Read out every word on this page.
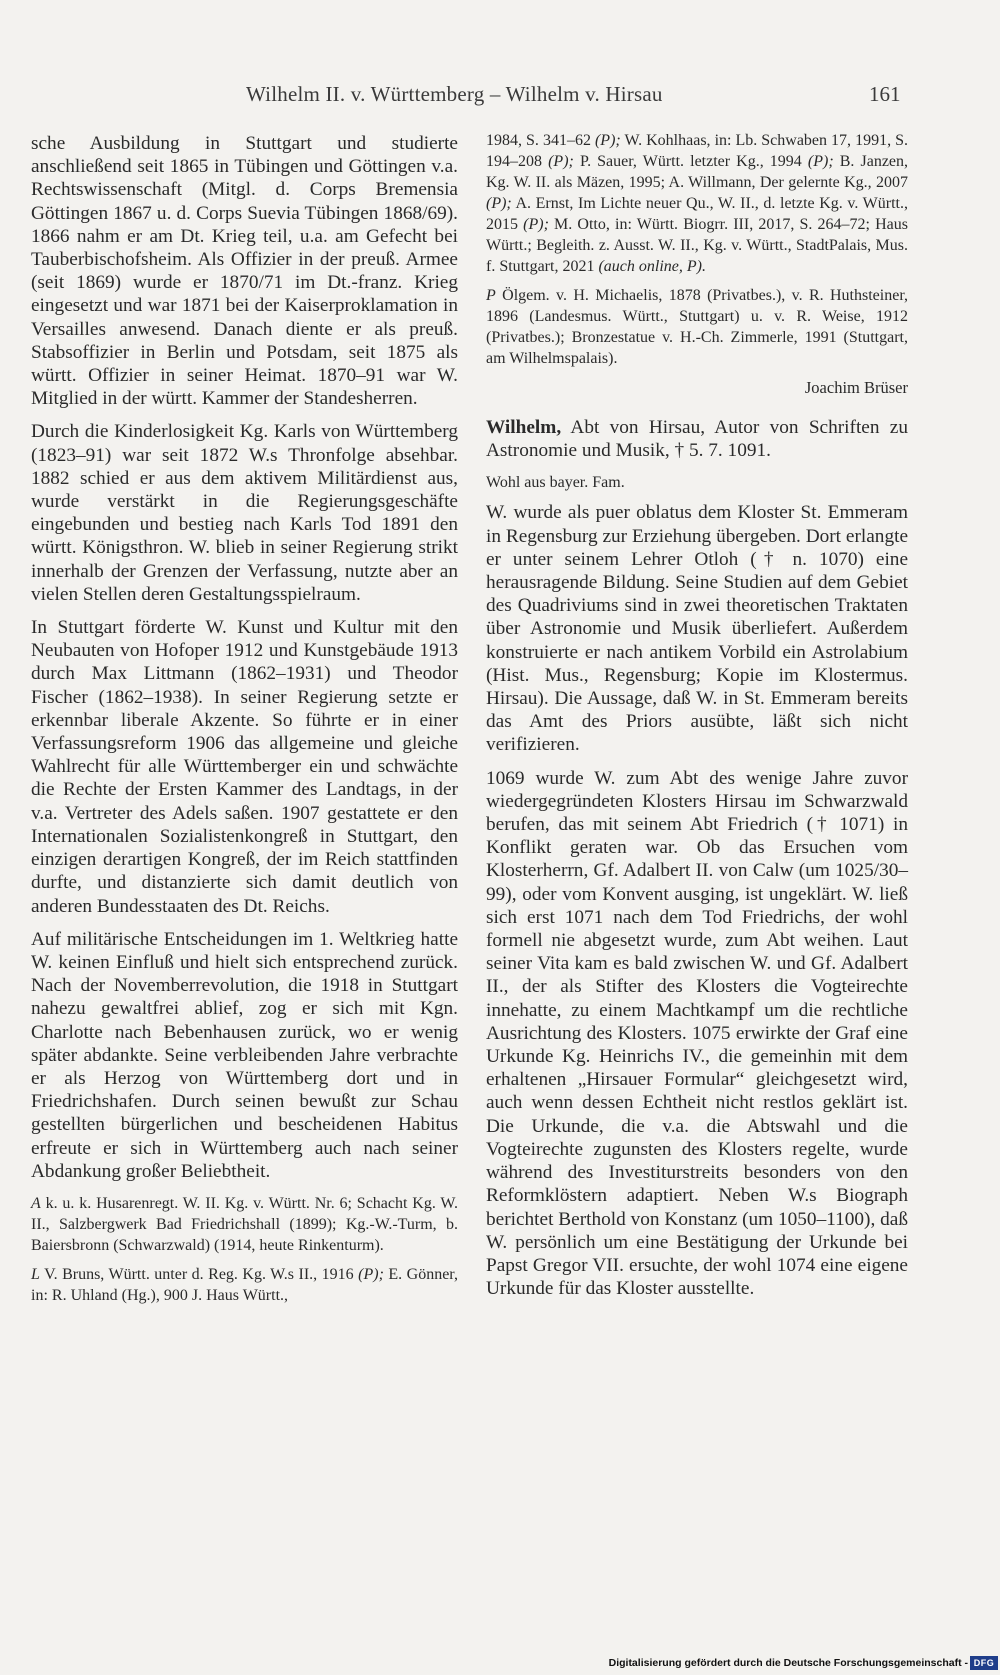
Wilhelm II. v. Württemberg – Wilhelm v. Hirsau	161

sche Ausbildung in Stuttgart und studierte anschließend seit 1865 in Tübingen und Göttingen v.a. Rechtswissenschaft (Mitgl. d. Corps Bremensia Göttingen 1867 u. d. Corps Suevia Tübingen 1868/69). 1866 nahm er am Dt. Krieg teil, u.a. am Gefecht bei Tauberbischofsheim. Als Offizier in der preuß. Armee (seit 1869) wurde er 1870/71 im Dt.-franz. Krieg eingesetzt und war 1871 bei der Kaiserproklamation in Versailles anwesend. Danach diente er als preuß. Stabsoffizier in Berlin und Potsdam, seit 1875 als württ. Offizier in seiner Heimat. 1870–91 war W. Mitglied in der württ. Kammer der Standesherren.

Durch die Kinderlosigkeit Kg. Karls von Württemberg (1823–91) war seit 1872 W.s Thronfolge absehbar. 1882 schied er aus dem aktivem Militärdienst aus, wurde verstärkt in die Regierungsgeschäfte eingebunden und bestieg nach Karls Tod 1891 den württ. Königsthron. W. blieb in seiner Regierung strikt innerhalb der Grenzen der Verfassung, nutzte aber an vielen Stellen deren Gestaltungsspielraum.

In Stuttgart förderte W. Kunst und Kultur mit den Neubauten von Hofoper 1912 und Kunstgebäude 1913 durch Max Littmann (1862–1931) und Theodor Fischer (1862–1938). In seiner Regierung setzte er erkennbar liberale Akzente. So führte er in einer Verfassungsreform 1906 das allgemeine und gleiche Wahlrecht für alle Württemberger ein und schwächte die Rechte der Ersten Kammer des Landtags, in der v.a. Vertreter des Adels saßen. 1907 gestattete er den Internationalen Sozialistenkongreß in Stuttgart, den einzigen derartigen Kongreß, der im Reich stattfinden durfte, und distanzierte sich damit deutlich von anderen Bundesstaaten des Dt. Reichs.

Auf militärische Entscheidungen im 1. Weltkrieg hatte W. keinen Einfluß und hielt sich entsprechend zurück. Nach der Novemberrevolution, die 1918 in Stuttgart nahezu gewaltfrei ablief, zog er sich mit Kgn. Charlotte nach Bebenhausen zurück, wo er wenig später abdankte. Seine verbleibenden Jahre verbrachte er als Herzog von Württemberg dort und in Friedrichshafen. Durch seinen bewußt zur Schau gestellten bürgerlichen und bescheidenen Habitus erfreute er sich in Württemberg auch nach seiner Abdankung großer Beliebtheit.

A k. u. k. Husarenregt. W. II. Kg. v. Württ. Nr. 6; Schacht Kg. W. II., Salzbergwerk Bad Friedrichshall (1899); Kg.-W.-Turm, b. Baiersbronn (Schwarzwald) (1914, heute Rinkenturm).

L V. Bruns, Württ. unter d. Reg. Kg. W.s II., 1916 (P); E. Gönner, in: R. Uhland (Hg.), 900 J. Haus Württ.,

1984, S. 341–62 (P); W. Kohlhaas, in: Lb. Schwaben 17, 1991, S. 194–208 (P); P. Sauer, Württ. letzter Kg., 1994 (P); B. Janzen, Kg. W. II. als Mäzen, 1995; A. Willmann, Der gelernte Kg., 2007 (P); A. Ernst, Im Lichte neuer Qu., W. II., d. letzte Kg. v. Württ., 2015 (P); M. Otto, in: Württ. Biogrr. III, 2017, S. 264–72; Haus Württ.; Begleith. z. Ausst. W. II., Kg. v. Württ., StadtPalais, Mus. f. Stuttgart, 2021 (auch online, P).

P Ölgem. v. H. Michaelis, 1878 (Privatbes.), v. R. Huthsteiner, 1896 (Landesmus. Württ., Stuttgart) u. v. R. Weise, 1912 (Privatbes.); Bronzestatue v. H.-Ch. Zimmerle, 1991 (Stuttgart, am Wilhelmspalais).

Joachim Brüser

Wilhelm, Abt von Hirsau, Autor von Schriften zu Astronomie und Musik, † 5. 7. 1091.

Wohl aus bayer. Fam.

W. wurde als puer oblatus dem Kloster St. Emmeram in Regensburg zur Erziehung übergeben. Dort erlangte er unter seinem Lehrer Otloh († n. 1070) eine herausragende Bildung. Seine Studien auf dem Gebiet des Quadriviums sind in zwei theoretischen Traktaten über Astronomie und Musik überliefert. Außerdem konstruierte er nach antikem Vorbild ein Astrolabium (Hist. Mus., Regensburg; Kopie im Klostermus. Hirsau). Die Aussage, daß W. in St. Emmeram bereits das Amt des Priors ausübte, läßt sich nicht verifizieren.

1069 wurde W. zum Abt des wenige Jahre zuvor wiedergegründeten Klosters Hirsau im Schwarzwald berufen, das mit seinem Abt Friedrich († 1071) in Konflikt geraten war. Ob das Ersuchen vom Klosterherrn, Gf. Adalbert II. von Calw (um 1025/30–99), oder vom Konvent ausging, ist ungeklärt. W. ließ sich erst 1071 nach dem Tod Friedrichs, der wohl formell nie abgesetzt wurde, zum Abt weihen. Laut seiner Vita kam es bald zwischen W. und Gf. Adalbert II., der als Stifter des Klosters die Vogteirechte innehatte, zu einem Machtkampf um die rechtliche Ausrichtung des Klosters. 1075 erwirkte der Graf eine Urkunde Kg. Heinrichs IV., die gemeinhin mit dem erhaltenen „Hirsauer Formular“ gleichgesetzt wird, auch wenn dessen Echtheit nicht restlos geklärt ist. Die Urkunde, die v.a. die Abtswahl und die Vogteirechte zugunsten des Klosters regelte, wurde während des Investiturstreits besonders von den Reformklöstern adaptiert. Neben W.s Biograph berichtet Berthold von Konstanz (um 1050–1100), daß W. persönlich um eine Bestätigung der Urkunde bei Papst Gregor VII. ersuchte, der wohl 1074 eine eigene Urkunde für das Kloster ausstellte.

Digitalisierung gefördert durch die Deutsche Forschungsgemeinschaft - DFG
